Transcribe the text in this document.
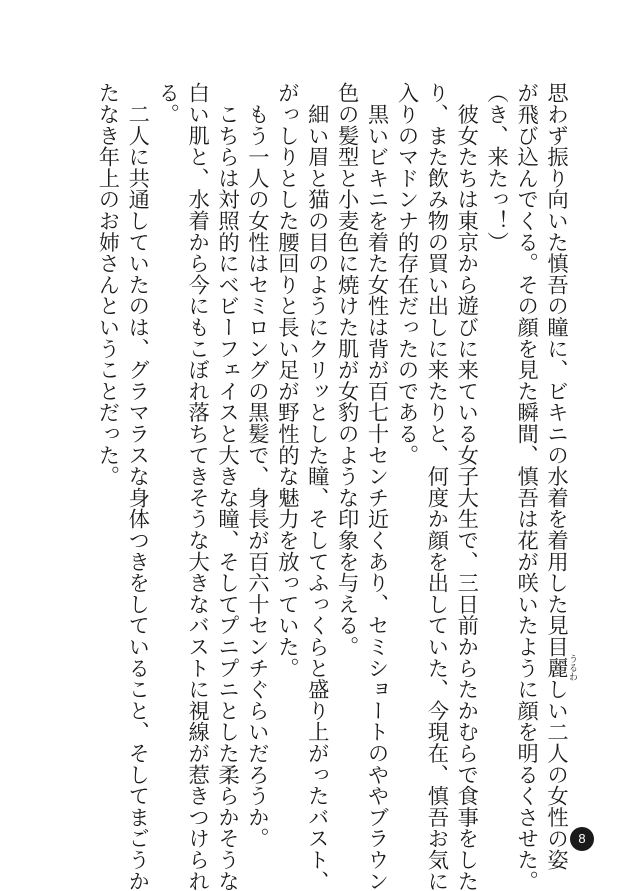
思わず振り向いた慎吾の瞳に、ビキニの水着を着用した見目麗うるわしい二人の女性の姿
が飛び込んでくる。その顔を見た瞬間、慎吾は花が咲いたように顔を明るくさせた。
（き、来たっ！）
　彼女たちは東京から遊びに来ている女子大生で、三日前からたかむらで食事をした
り、また飲み物の買い出しに来たりと、何度か顔を出していた、今現在、慎吾お気に
入りのマドンナ的存在だったのである。
　黒いビキニを着た女性は背が百七十センチ近くあり、セミショートのややブラウン
色の髪型と小麦色に焼けた肌が女豹のような印象を与える。
　細い眉と猫の目のようにクリッとした瞳、そしてふっくらと盛り上がったバスト、
がっしりとした腰回りと長い足が野性的な魅力を放っていた。
　もう一人の女性はセミロングの黒髪で、身長が百六十センチぐらいだろうか。
　こちらは対照的にベビーフェイスと大きな瞳、そしてプニプニとした柔らかそうな
白い肌と、水着から今にもこぼれ落ちてきそうな大きなバストに視線が惹きつけられ
る。
　二人に共通していたのは、グラマラスな身体つきをしていること、そしてまごうか
たなき年上のお姉さんということだった。
8
